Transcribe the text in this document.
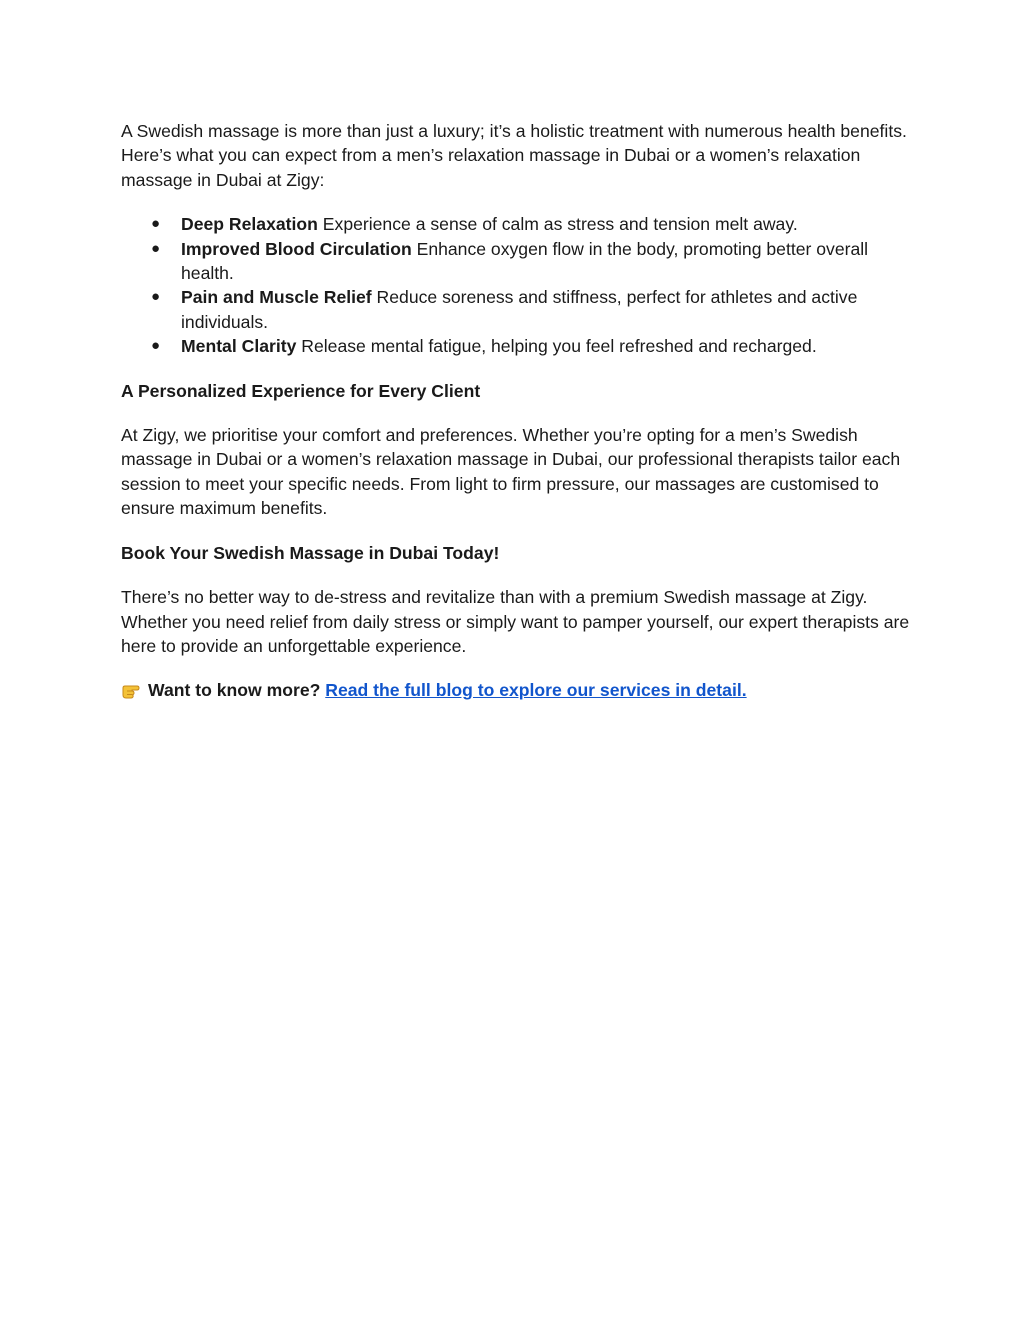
A Swedish massage is more than just a luxury; it’s a holistic treatment with numerous health benefits. Here’s what you can expect from a men’s relaxation massage in Dubai or a women’s relaxation massage in Dubai at Zigy:

● Deep Relaxation Experience a sense of calm as stress and tension melt away.
● Improved Blood Circulation Enhance oxygen flow in the body, promoting better overall health.
● Pain and Muscle Relief Reduce soreness and stiffness, perfect for athletes and active individuals.
● Mental Clarity Release mental fatigue, helping you feel refreshed and recharged.

A Personalized Experience for Every Client

At Zigy, we prioritise your comfort and preferences. Whether you’re opting for a men’s Swedish massage in Dubai or a women’s relaxation massage in Dubai, our professional therapists tailor each session to meet your specific needs. From light to firm pressure, our massages are customised to ensure maximum benefits.

Book Your Swedish Massage in Dubai Today!

There’s no better way to de-stress and revitalize than with a premium Swedish massage at Zigy. Whether you need relief from daily stress or simply want to pamper yourself, our expert therapists are here to provide an unforgettable experience.

Want to know more? Read the full blog to explore our services in detail.
